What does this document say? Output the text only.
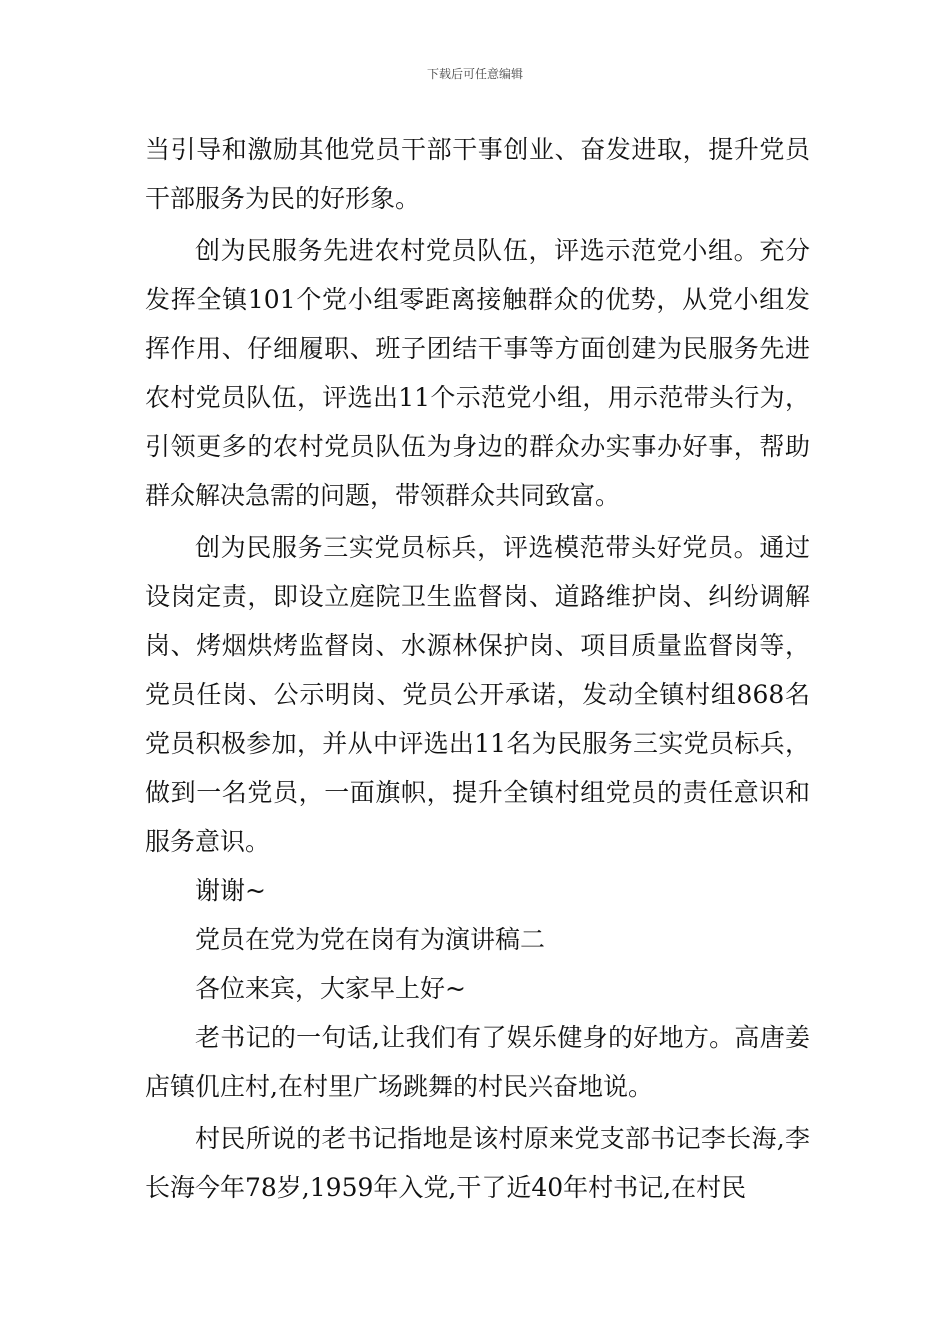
下载后可任意编辑

当引导和激励其他党员干部干事创业、奋发进取，提升党员干部服务为民的好形象。

创为民服务先进农村党员队伍，评选示范党小组。充分发挥全镇101个党小组零距离接触群众的优势，从党小组发挥作用、仔细履职、班子团结干事等方面创建为民服务先进农村党员队伍，评选出11个示范党小组，用示范带头行为，引领更多的农村党员队伍为身边的群众办实事办好事，帮助群众解决急需的问题，带领群众共同致富。

创为民服务三实党员标兵，评选模范带头好党员。通过设岗定责，即设立庭院卫生监督岗、道路维护岗、纠纷调解岗、烤烟烘烤监督岗、水源林保护岗、项目质量监督岗等，党员任岗、公示明岗、党员公开承诺，发动全镇村组868名党员积极参加，并从中评选出11名为民服务三实党员标兵，做到一名党员，一面旗帜，提升全镇村组党员的责任意识和服务意识。

谢谢~

党员在党为党在岗有为演讲稿二

各位来宾，大家早上好~

老书记的一句话,让我们有了娱乐健身的好地方。高唐姜店镇仉庄村,在村里广场跳舞的村民兴奋地说。

村民所说的老书记指地是该村原来党支部书记李长海,李长海今年78岁,1959年入党,干了近40年村书记,在村民
